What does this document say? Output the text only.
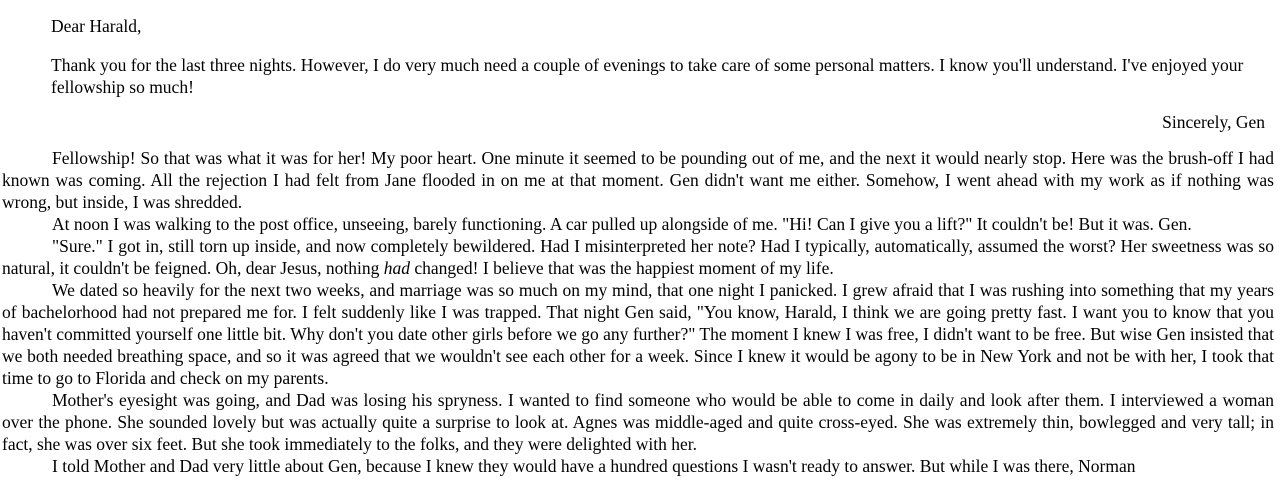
Dear Harald,

Thank you for the last three nights. However, I do very much need a couple of evenings to take care of some personal matters. I know you'll understand. I've enjoyed your fellowship so much!

Sincerely, Gen

Fellowship! So that was what it was for her! My poor heart. One minute it seemed to be pounding out of me, and the next it would nearly stop. Here was the brush-off I had known was coming. All the rejection I had felt from Jane flooded in on me at that moment. Gen didn't want me either. Somehow, I went ahead with my work as if nothing was wrong, but inside, I was shredded.

At noon I was walking to the post office, unseeing, barely functioning. A car pulled up alongside of me. "Hi! Can I give you a lift?" It couldn't be! But it was. Gen.

"Sure." I got in, still torn up inside, and now completely bewildered. Had I misinterpreted her note? Had I typically, automatically, assumed the worst? Her sweetness was so natural, it couldn't be feigned. Oh, dear Jesus, nothing had changed! I believe that was the happiest moment of my life.

We dated so heavily for the next two weeks, and marriage was so much on my mind, that one night I panicked. I grew afraid that I was rushing into something that my years of bachelorhood had not prepared me for. I felt suddenly like I was trapped. That night Gen said, "You know, Harald, I think we are going pretty fast. I want you to know that you haven't committed yourself one little bit. Why don't you date other girls before we go any further?" The moment I knew I was free, I didn't want to be free. But wise Gen insisted that we both needed breathing space, and so it was agreed that we wouldn't see each other for a week. Since I knew it would be agony to be in New York and not be with her, I took that time to go to Florida and check on my parents.

Mother's eyesight was going, and Dad was losing his spryness. I wanted to find someone who would be able to come in daily and look after them. I interviewed a woman over the phone. She sounded lovely but was actually quite a surprise to look at. Agnes was middle-aged and quite cross-eyed. She was extremely thin, bowlegged and very tall; in fact, she was over six feet. But she took immediately to the folks, and they were delighted with her.

I told Mother and Dad very little about Gen, because I knew they would have a hundred questions I wasn't ready to answer. But while I was there, Norman
